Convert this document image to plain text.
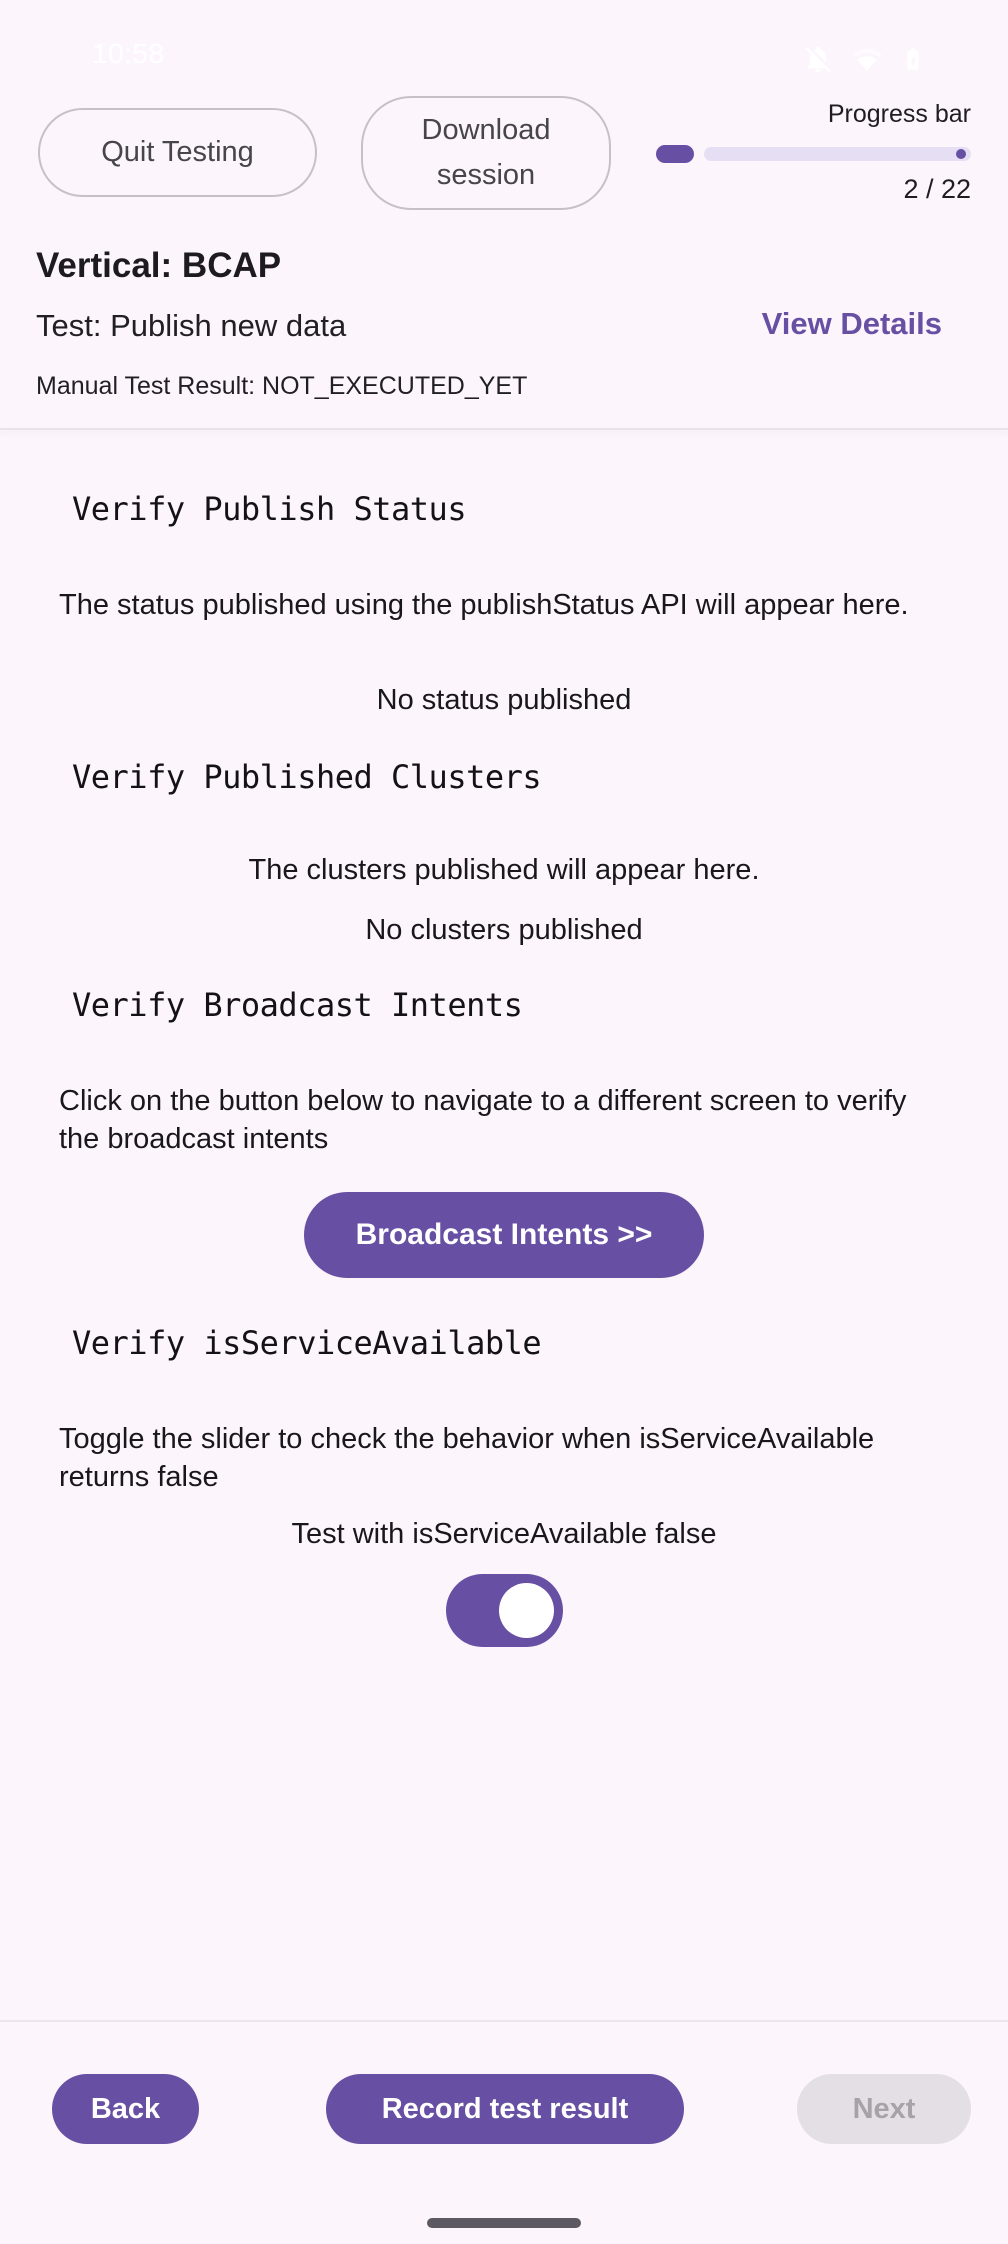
10:58
Quit Testing
Download session
Progress bar
2 / 22
Vertical: BCAP
Test: Publish new data	View Details
Manual Test Result: NOT_EXECUTED_YET
Verify Publish Status
The status published using the publishStatus API will appear here.
No status published
Verify Published Clusters
The clusters published will appear here.
No clusters published
Verify Broadcast Intents
Click on the button below to navigate to a different screen to verify the broadcast intents
Broadcast Intents >>
Verify isServiceAvailable
Toggle the slider to check the behavior when isServiceAvailable returns false
Test with isServiceAvailable false
Back	Record test result	Next
